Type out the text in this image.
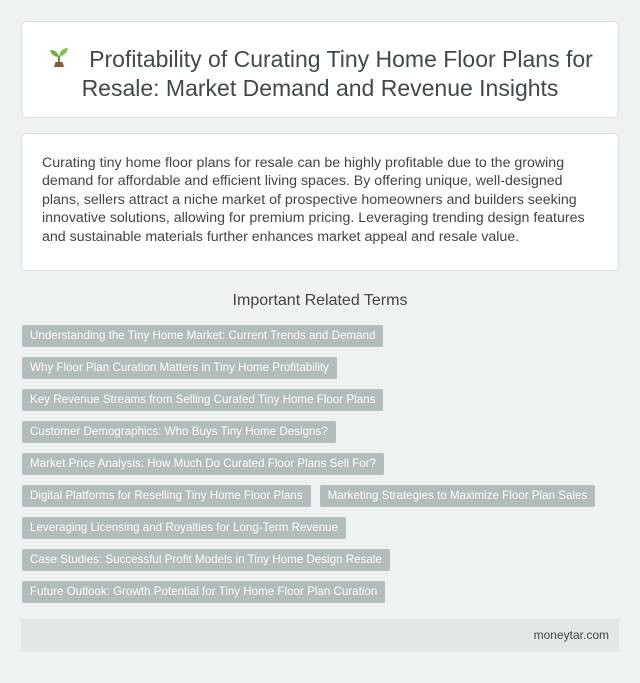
Profitability of Curating Tiny Home Floor Plans for Resale: Market Demand and Revenue Insights

Curating tiny home floor plans for resale can be highly profitable due to the growing demand for affordable and efficient living spaces. By offering unique, well-designed plans, sellers attract a niche market of prospective homeowners and builders seeking innovative solutions, allowing for premium pricing. Leveraging trending design features and sustainable materials further enhances market appeal and resale value.

Important Related Terms
Understanding the Tiny Home Market: Current Trends and Demand
Why Floor Plan Curation Matters in Tiny Home Profitability
Key Revenue Streams from Selling Curated Tiny Home Floor Plans
Customer Demographics: Who Buys Tiny Home Designs?
Market Price Analysis: How Much Do Curated Floor Plans Sell For?
Digital Platforms for Reselling Tiny Home Floor Plans	Marketing Strategies to Maximize Floor Plan Sales
Leveraging Licensing and Royalties for Long-Term Revenue
Case Studies: Successful Profit Models in Tiny Home Design Resale
Future Outlook: Growth Potential for Tiny Home Floor Plan Curation
moneytar.com
